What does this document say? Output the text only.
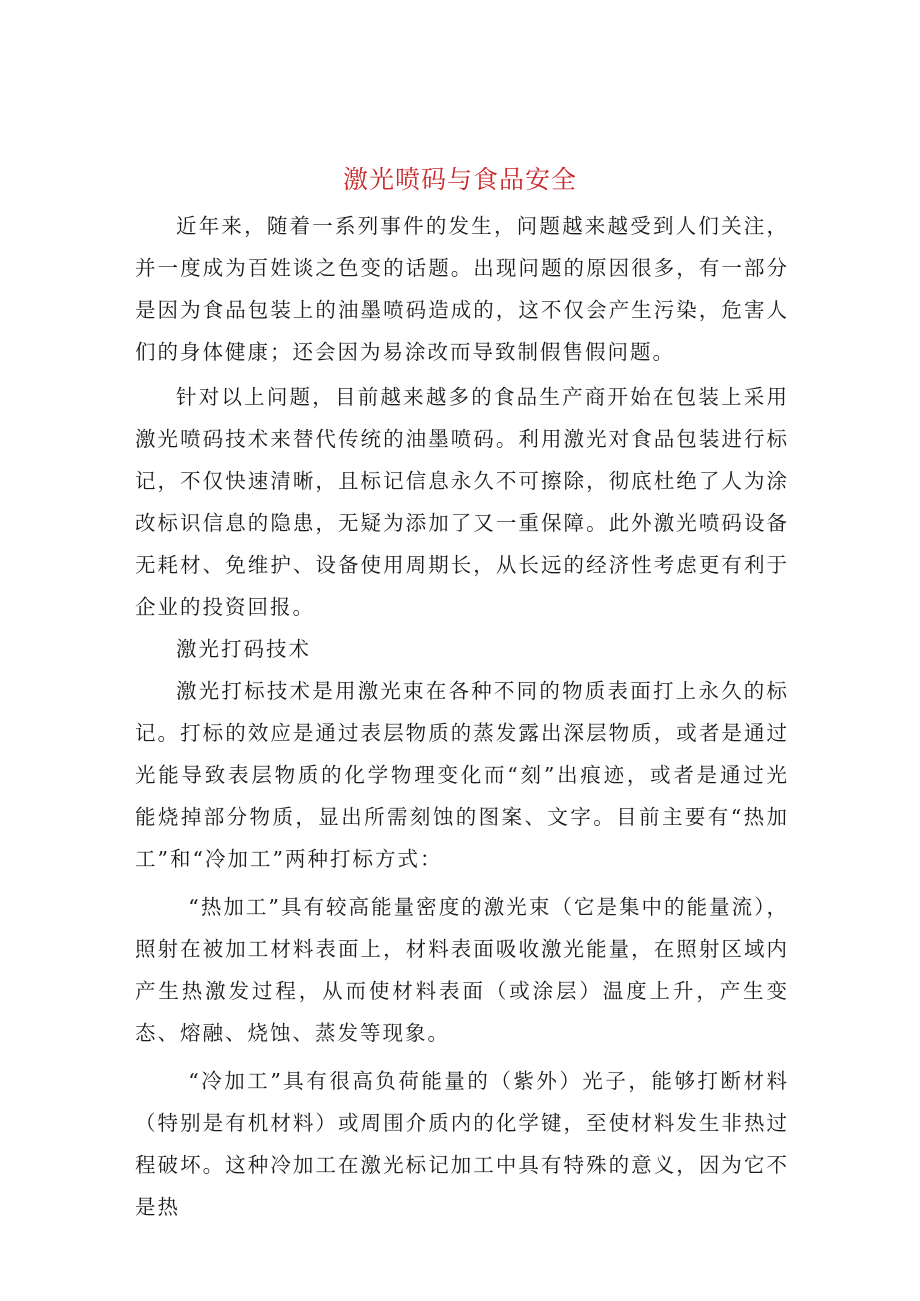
激光喷码与食品安全

近年来，随着一系列事件的发生，问题越来越受到人们关注，并一度成为百姓谈之色变的话题。出现问题的原因很多，有一部分是因为食品包装上的油墨喷码造成的，这不仅会产生污染，危害人们的身体健康；还会因为易涂改而导致制假售假问题。

针对以上问题，目前越来越多的食品生产商开始在包装上采用激光喷码技术来替代传统的油墨喷码。利用激光对食品包装进行标记，不仅快速清晰，且标记信息永久不可擦除，彻底杜绝了人为涂改标识信息的隐患，无疑为添加了又一重保障。此外激光喷码设备无耗材、免维护、设备使用周期长，从长远的经济性考虑更有利于企业的投资回报。

激光打码技术

激光打标技术是用激光束在各种不同的物质表面打上永久的标记。打标的效应是通过表层物质的蒸发露出深层物质，或者是通过光能导致表层物质的化学物理变化而“刻”出痕迹，或者是通过光能烧掉部分物质，显出所需刻蚀的图案、文字。目前主要有“热加工”和“冷加工”两种打标方式：

“热加工”具有较高能量密度的激光束（它是集中的能量流），照射在被加工材料表面上，材料表面吸收激光能量，在照射区域内产生热激发过程，从而使材料表面（或涂层）温度上升，产生变态、熔融、烧蚀、蒸发等现象。

“冷加工”具有很高负荷能量的（紫外）光子，能够打断材料（特别是有机材料）或周围介质内的化学键，至使材料发生非热过程破坏。这种冷加工在激光标记加工中具有特殊的意义，因为它不是热
